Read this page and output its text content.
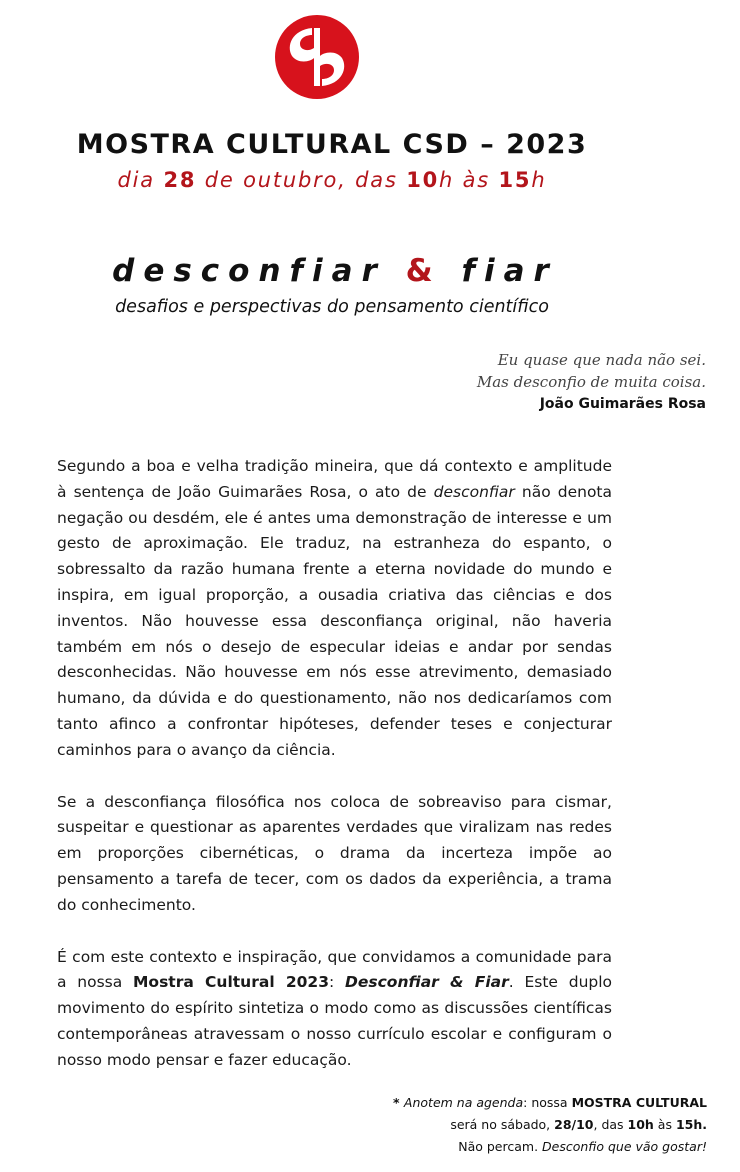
MOSTRA CULTURAL CSD – 2023
dia 28 de outubro, das 10h às 15h
desconfiar & fiar
desafios e perspectivas do pensamento científico
Eu quase que nada não sei.
Mas desconfio de muita coisa.
João Guimarães Rosa

Segundo a boa e velha tradição mineira, que dá contexto e amplitude à sentença de João Guimarães Rosa, o ato de desconfiar não denota negação ou desdém, ele é antes uma demonstração de interesse e um gesto de aproximação. Ele traduz, na estranheza do espanto, o sobressalto da razão humana frente a eterna novidade do mundo e inspira, em igual proporção, a ousadia criativa das ciências e dos inventos. Não houvesse essa desconfiança original, não haveria também em nós o desejo de especular ideias e andar por sendas desconhecidas. Não houvesse em nós esse atrevimento, demasiado humano, da dúvida e do questionamento, não nos dedicaríamos com tanto afinco a confrontar hipóteses, defender teses e conjecturar caminhos para o avanço da ciência.

Se a desconfiança filosófica nos coloca de sobreaviso para cismar, suspeitar e questionar as aparentes verdades que viralizam nas redes em proporções cibernéticas, o drama da incerteza impõe ao pensamento a tarefa de tecer, com os dados da experiência, a trama do conhecimento.

É com este contexto e inspiração, que convidamos a comunidade para a nossa Mostra Cultural 2023: Desconfiar & Fiar. Este duplo movimento do espírito sintetiza o modo como as discussões científicas contemporâneas atravessam o nosso currículo escolar e configuram o nosso modo pensar e fazer educação.

* Anotem na agenda: nossa MOSTRA CULTURAL
será no sábado, 28/10, das 10h às 15h.
Não percam. Desconfio que vão gostar!
